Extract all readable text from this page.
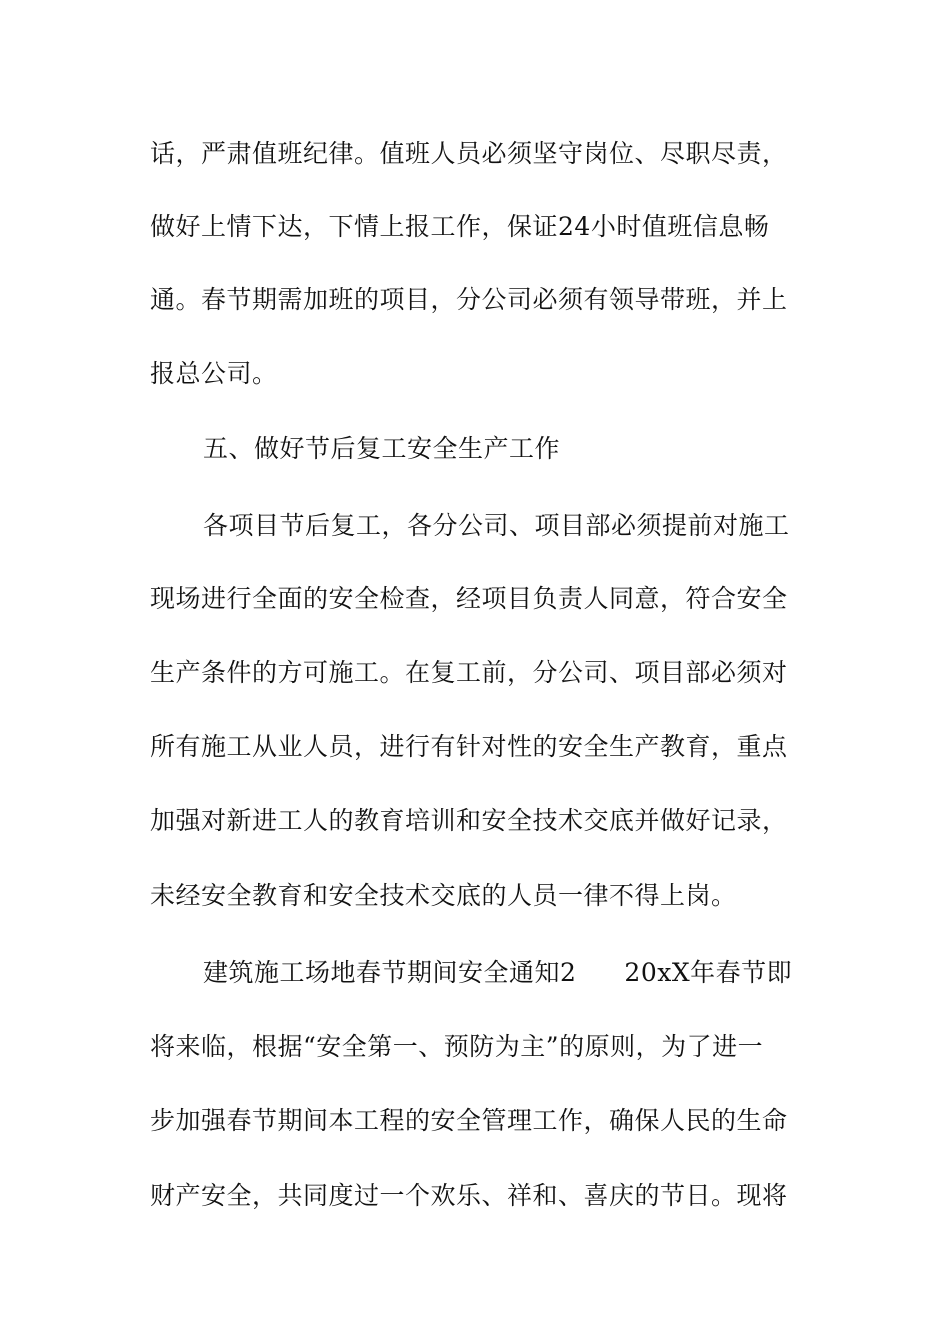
话，严肃值班纪律。值班人员必须坚守岗位、尽职尽责，
做好上情下达，下情上报工作，保证24小时值班信息畅
通。春节期需加班的项目，分公司必须有领导带班，并上
报总公司。
五、做好节后复工安全生产工作
各项目节后复工，各分公司、项目部必须提前对施工
现场进行全面的安全检查，经项目负责人同意，符合安全
生产条件的方可施工。在复工前，分公司、项目部必须对
所有施工从业人员，进行有针对性的安全生产教育，重点
加强对新进工人的教育培训和安全技术交底并做好记录，
未经安全教育和安全技术交底的人员一律不得上岗。
建筑施工场地春节期间安全通知2 20xX年春节即
将来临，根据“安全第一、预防为主”的原则，为了进一
步加强春节期间本工程的安全管理工作，确保人民的生命
财产安全，共同度过一个欢乐、祥和、喜庆的节日。现将
